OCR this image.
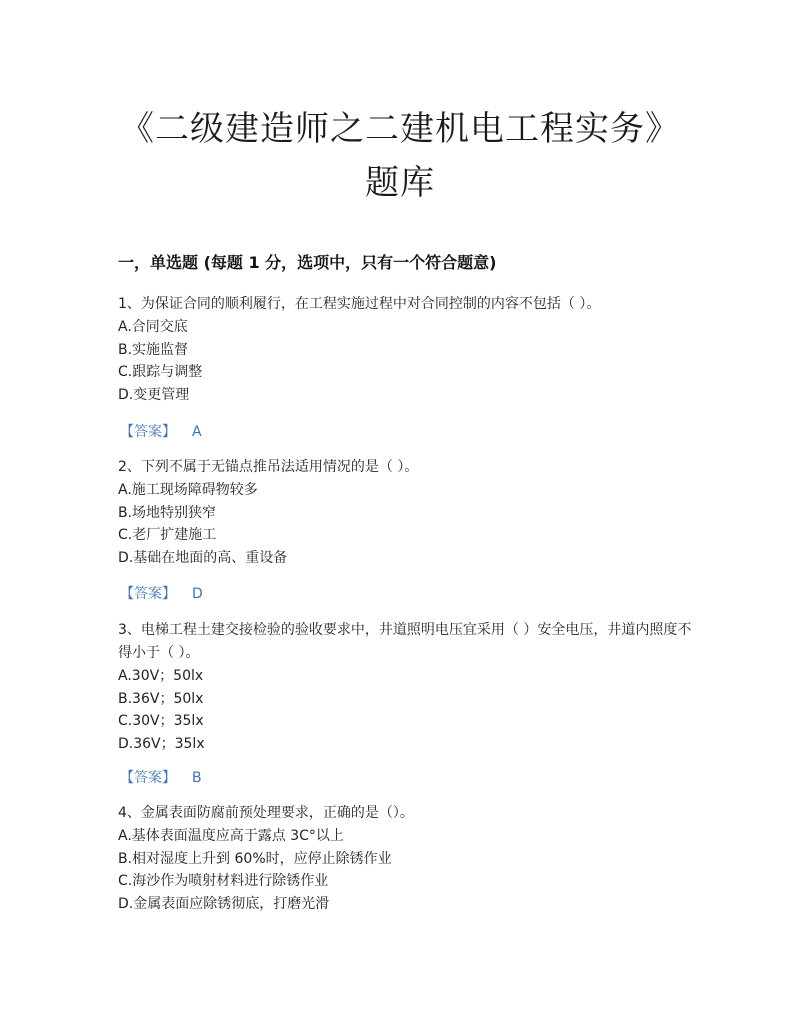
《二级建造师之二建机电工程实务》
题库
一，单选题 (每题 1 分，选项中，只有一个符合题意)

1、为保证合同的顺利履行，在工程实施过程中对合同控制的内容不包括（ ）。

A.合同交底

B.实施监督

C.跟踪与调整

D.变更管理

【答案】 A

2、下列不属于无锚点推吊法适用情况的是（ ）。

A.施工现场障碍物较多

B.场地特别狭窄

C.老厂扩建施工

D.基础在地面的高、重设备

【答案】 D

3、电梯工程土建交接检验的验收要求中，井道照明电压宜采用（ ）安全电压，井道内照度不得小于（ ）。

A.30V；50lx

B.36V；50lx

C.30V；35lx

D.36V；35lx

【答案】 B

4、金属表面防腐前预处理要求，正确的是（）。

A.基体表面温度应高于露点 3C°以上

B.相对湿度上升到 60%时，应停止除锈作业

C.海沙作为喷射材料进行除锈作业

D.金属表面应除锈彻底，打磨光滑
